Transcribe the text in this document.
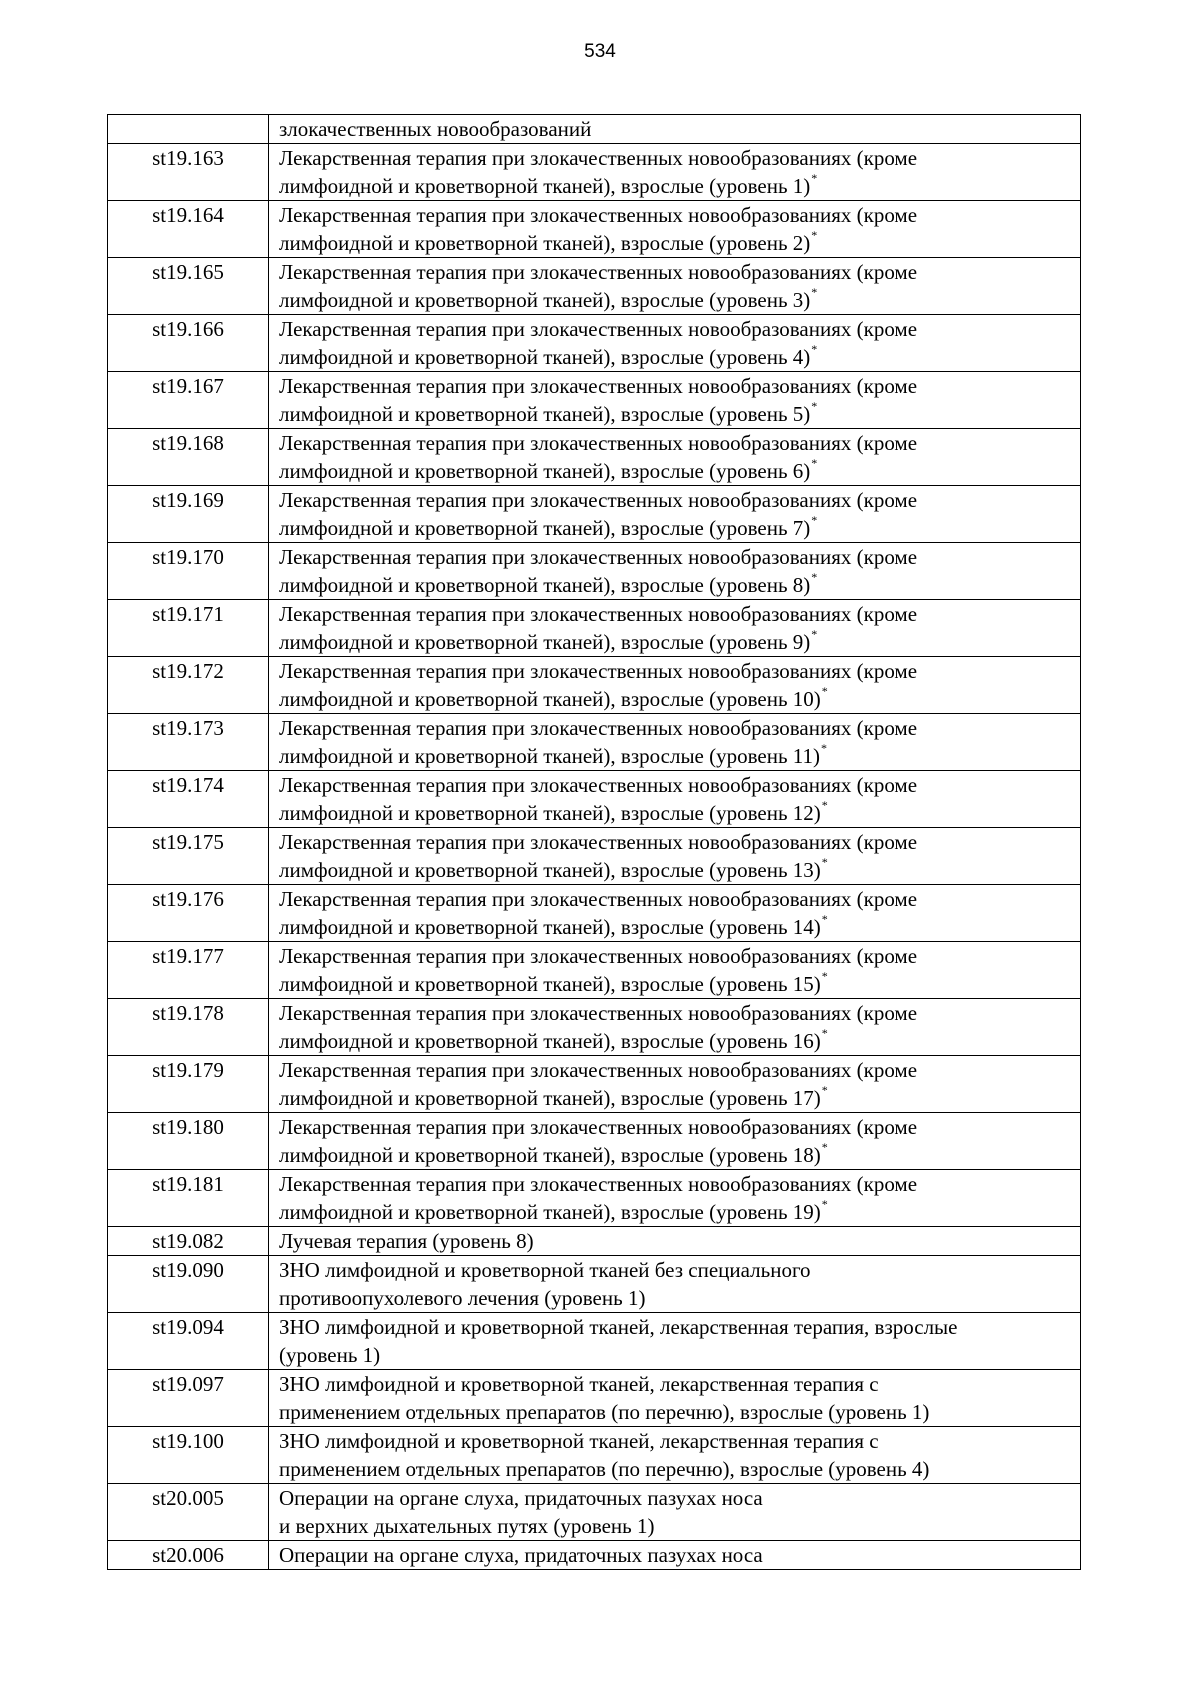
534
	злокачественных новообразований
st19.163	Лекарственная терапия при злокачественных новообразованиях (кроме
лимфоидной и кроветворной тканей), взрослые (уровень 1)*
st19.164	Лекарственная терапия при злокачественных новообразованиях (кроме
лимфоидной и кроветворной тканей), взрослые (уровень 2)*
st19.165	Лекарственная терапия при злокачественных новообразованиях (кроме
лимфоидной и кроветворной тканей), взрослые (уровень 3)*
st19.166	Лекарственная терапия при злокачественных новообразованиях (кроме
лимфоидной и кроветворной тканей), взрослые (уровень 4)*
st19.167	Лекарственная терапия при злокачественных новообразованиях (кроме
лимфоидной и кроветворной тканей), взрослые (уровень 5)*
st19.168	Лекарственная терапия при злокачественных новообразованиях (кроме
лимфоидной и кроветворной тканей), взрослые (уровень 6)*
st19.169	Лекарственная терапия при злокачественных новообразованиях (кроме
лимфоидной и кроветворной тканей), взрослые (уровень 7)*
st19.170	Лекарственная терапия при злокачественных новообразованиях (кроме
лимфоидной и кроветворной тканей), взрослые (уровень 8)*
st19.171	Лекарственная терапия при злокачественных новообразованиях (кроме
лимфоидной и кроветворной тканей), взрослые (уровень 9)*
st19.172	Лекарственная терапия при злокачественных новообразованиях (кроме
лимфоидной и кроветворной тканей), взрослые (уровень 10)*
st19.173	Лекарственная терапия при злокачественных новообразованиях (кроме
лимфоидной и кроветворной тканей), взрослые (уровень 11)*
st19.174	Лекарственная терапия при злокачественных новообразованиях (кроме
лимфоидной и кроветворной тканей), взрослые (уровень 12)*
st19.175	Лекарственная терапия при злокачественных новообразованиях (кроме
лимфоидной и кроветворной тканей), взрослые (уровень 13)*
st19.176	Лекарственная терапия при злокачественных новообразованиях (кроме
лимфоидной и кроветворной тканей), взрослые (уровень 14)*
st19.177	Лекарственная терапия при злокачественных новообразованиях (кроме
лимфоидной и кроветворной тканей), взрослые (уровень 15)*
st19.178	Лекарственная терапия при злокачественных новообразованиях (кроме
лимфоидной и кроветворной тканей), взрослые (уровень 16)*
st19.179	Лекарственная терапия при злокачественных новообразованиях (кроме
лимфоидной и кроветворной тканей), взрослые (уровень 17)*
st19.180	Лекарственная терапия при злокачественных новообразованиях (кроме
лимфоидной и кроветворной тканей), взрослые (уровень 18)*
st19.181	Лекарственная терапия при злокачественных новообразованиях (кроме
лимфоидной и кроветворной тканей), взрослые (уровень 19)*
st19.082	Лучевая терапия (уровень 8)
st19.090	ЗНО лимфоидной и кроветворной тканей без специального
противоопухолевого лечения (уровень 1)
st19.094	ЗНО лимфоидной и кроветворной тканей, лекарственная терапия, взрослые
(уровень 1)
st19.097	ЗНО лимфоидной и кроветворной тканей, лекарственная терапия с
применением отдельных препаратов (по перечню), взрослые (уровень 1)
st19.100	ЗНО лимфоидной и кроветворной тканей, лекарственная терапия с
применением отдельных препаратов (по перечню), взрослые (уровень 4)
st20.005	Операции на органе слуха, придаточных пазухах носа
и верхних дыхательных путях (уровень 1)
st20.006	Операции на органе слуха, придаточных пазухах носа
